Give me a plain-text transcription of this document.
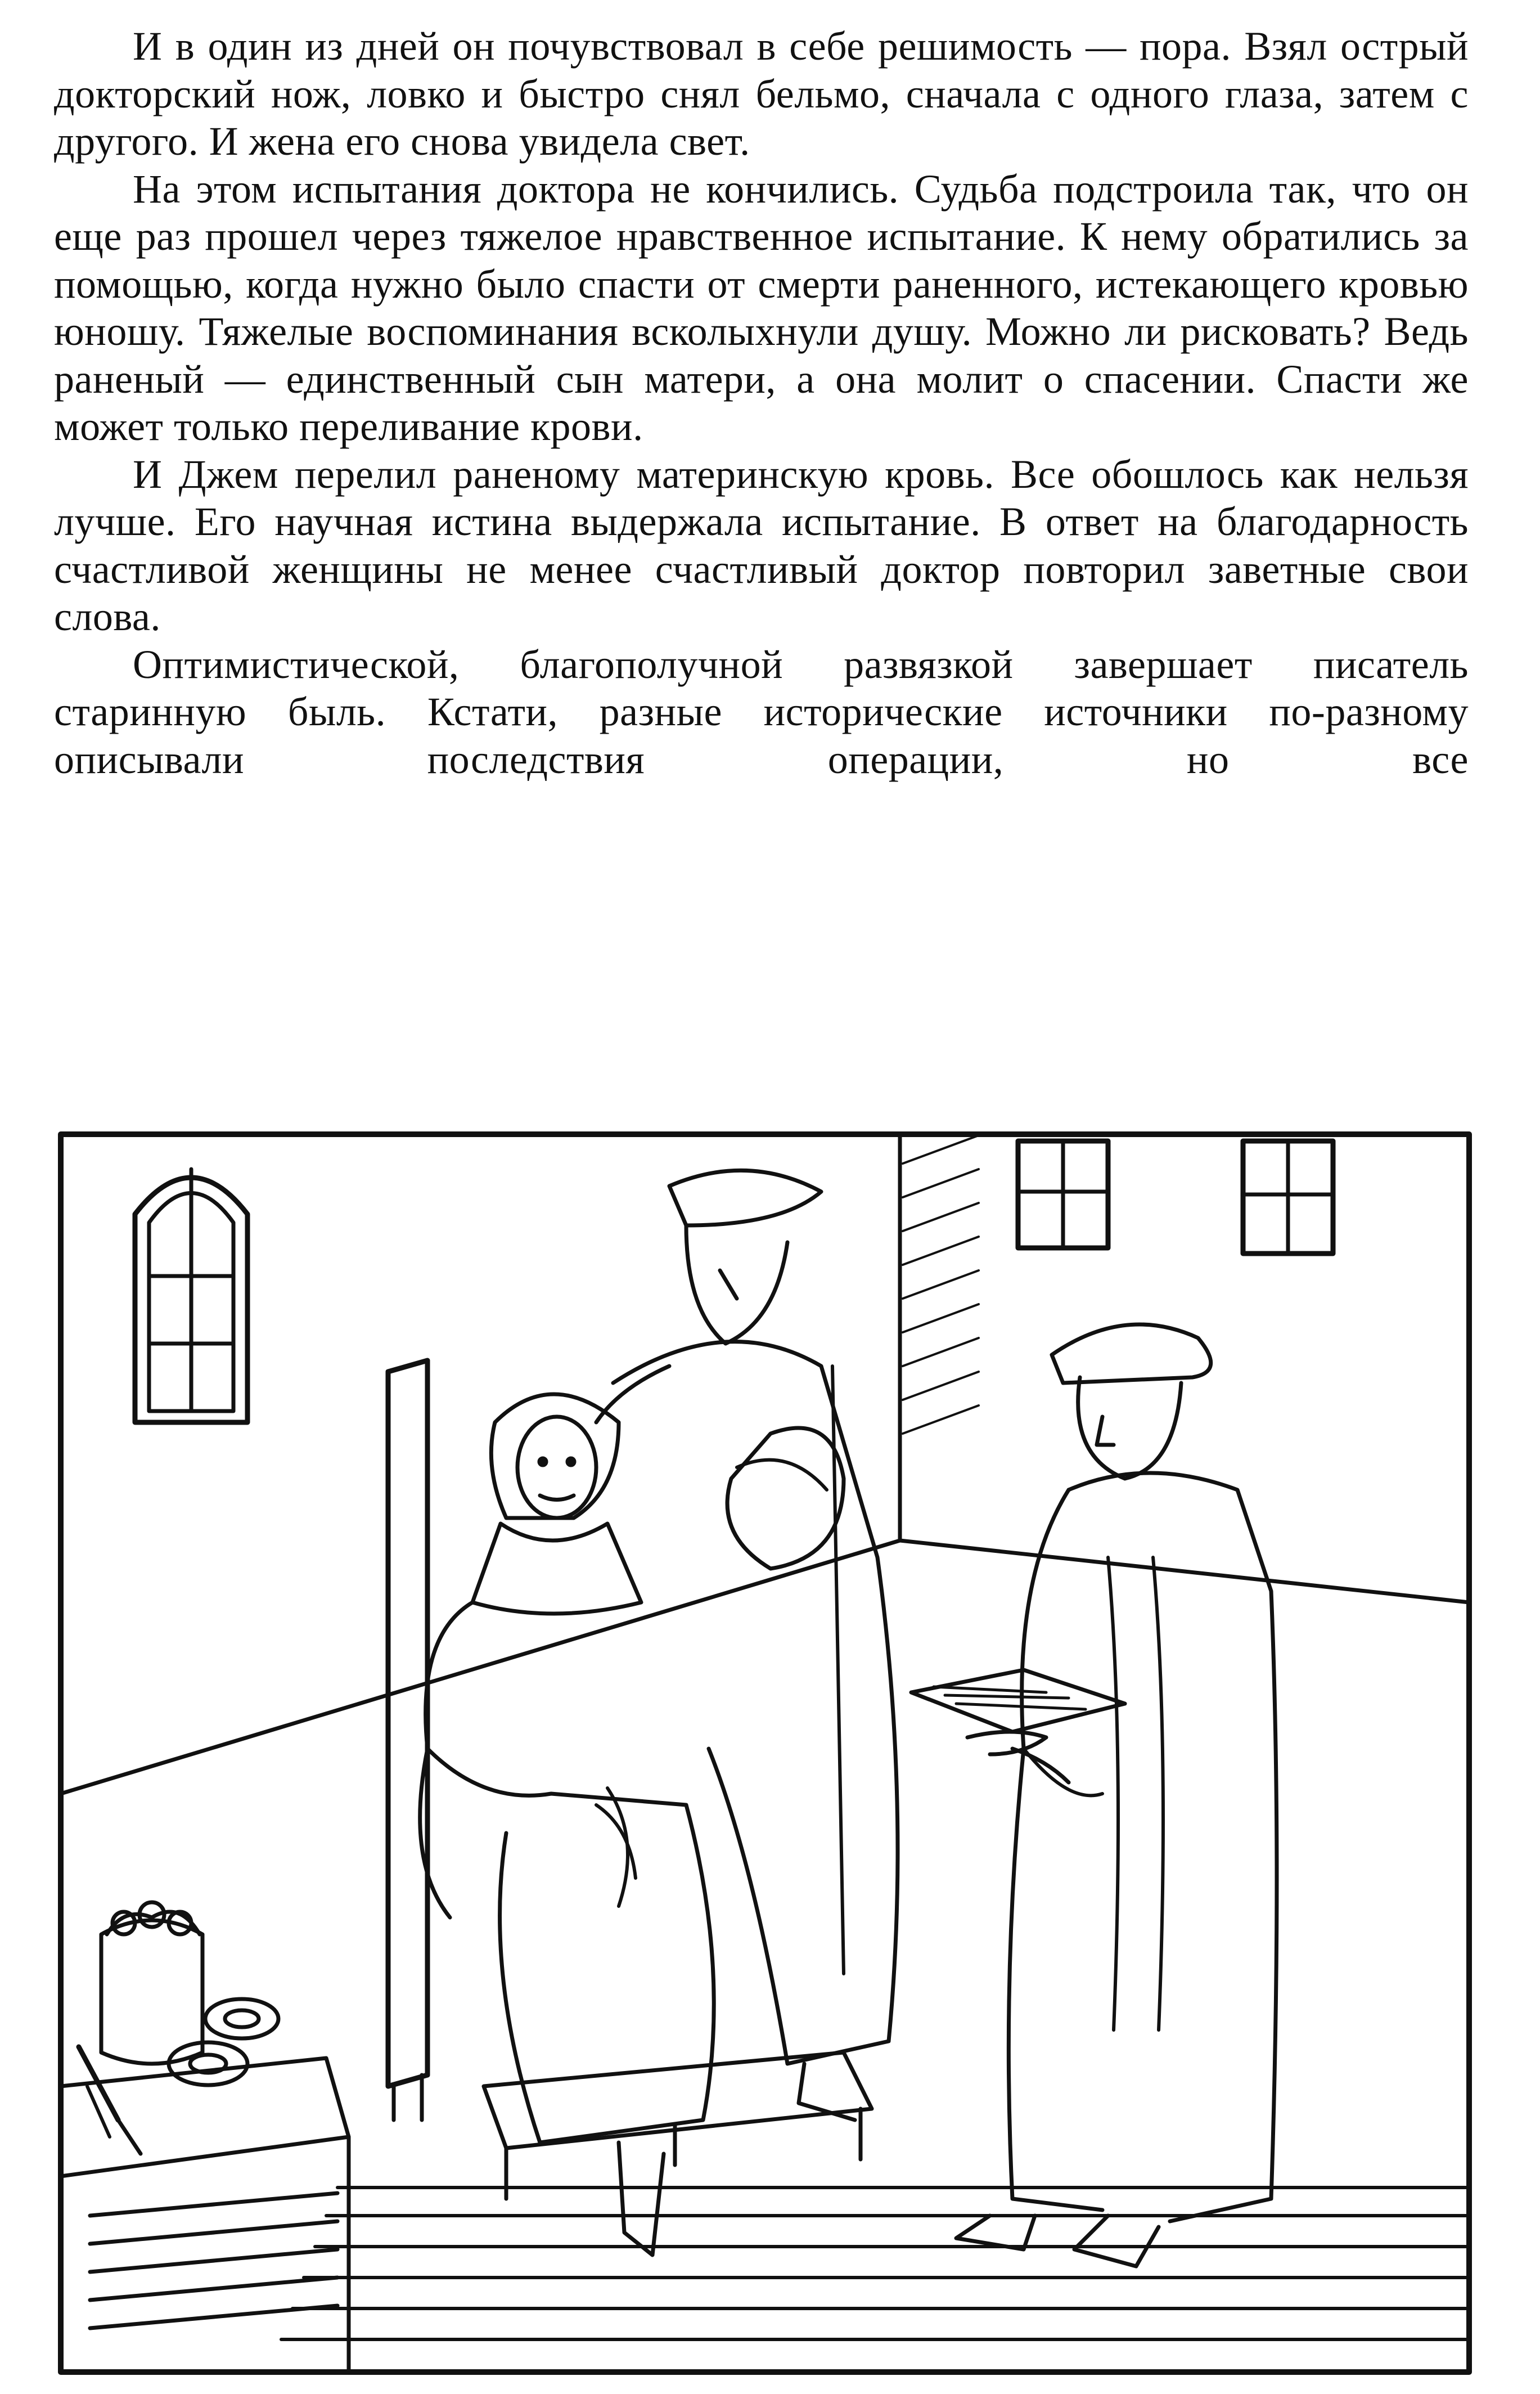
И в один из дней он почувствовал в себе решимость — пора. Взял острый докторский нож, ловко и быстро снял бельмо, сначала с одного глаза, затем с другого. И жена его снова увидела свет.

На этом испытания доктора не кончились. Судьба подстроила так, что он еще раз прошел через тяжелое нравственное испытание. К нему обратились за помощью, когда нужно было спасти от смерти раненного, истекающего кровью юношу. Тяжелые воспоминания всколыхнули душу. Можно ли рисковать? Ведь раненый — единственный сын матери, а она молит о спасении. Спасти же может только переливание крови.

И Джем перелил раненому материнскую кровь. Все обошлось как нельзя лучше. Его научная истина выдержала испытание. В ответ на благодарность счастливой женщины не менее счастливый доктор повторил заветные свои слова.

Оптимистической, благополучной развязкой завершает писатель старинную быль. Кстати, разные исторические источники по-разному описывали последствия операции, но все
